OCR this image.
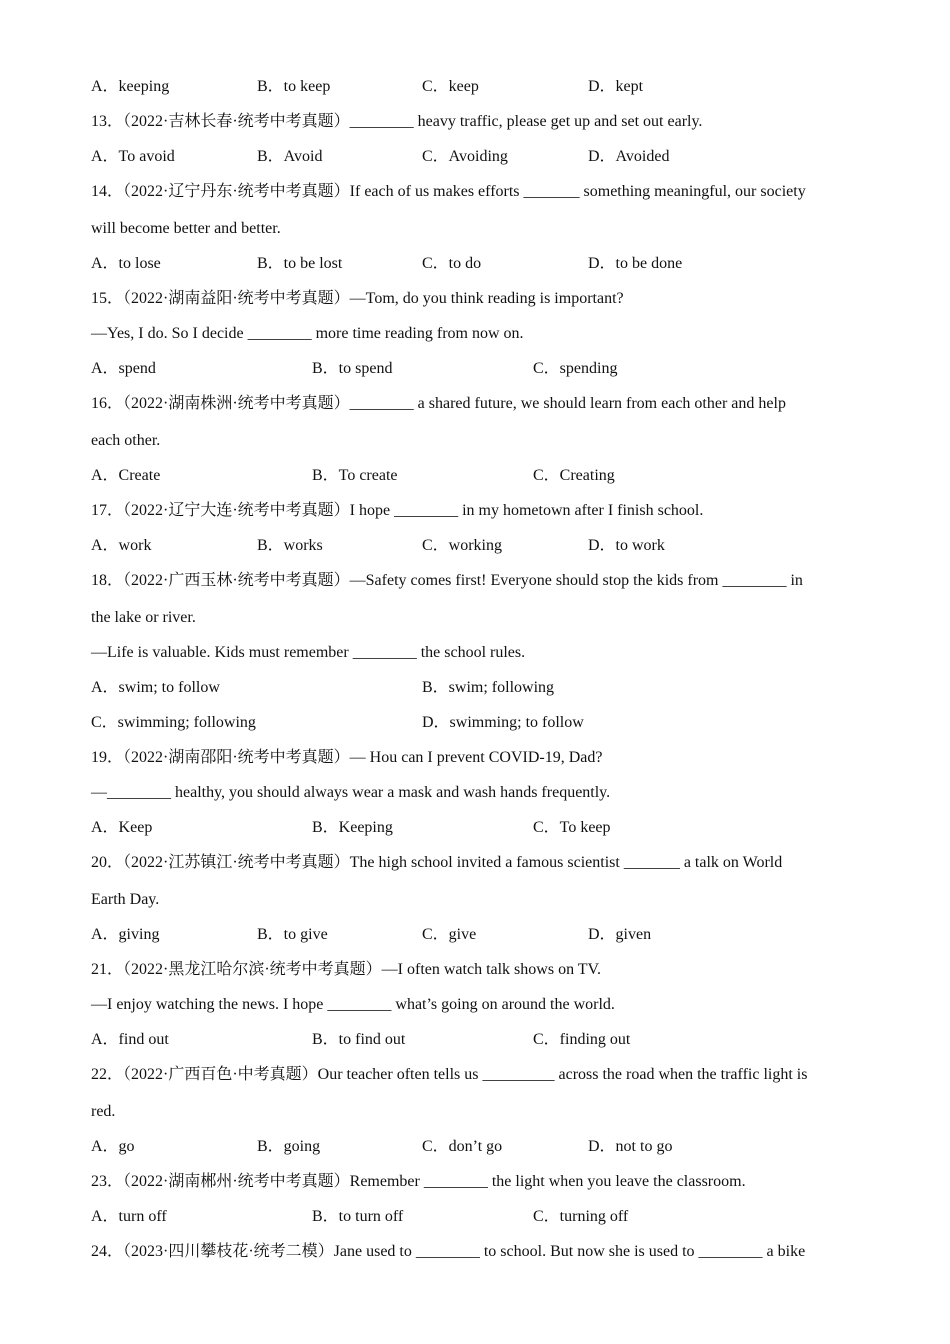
A．keeping	B．to keep	C．keep	D．kept
13．（2022·吉林长春·统考中考真题）________ heavy traffic, please get up and set out early.
A．To avoid	B．Avoid	C．Avoiding	D．Avoided
14．（2022·辽宁丹东·统考中考真题）If each of us makes efforts _______ something meaningful, our society
will become better and better.
A．to lose	B．to be lost	C．to do	D．to be done
15．（2022·湖南益阳·统考中考真题）—Tom, do you think reading is important?
—Yes, I do. So I decide ________ more time reading from now on.
A．spend	B．to spend	C．spending
16．（2022·湖南株洲·统考中考真题）________ a shared future, we should learn from each other and help
each other.
A．Create	B．To create	C．Creating
17．（2022·辽宁大连·统考中考真题）I hope ________ in my hometown after I finish school.
A．work	B．works	C．working	D．to work
18．（2022·广西玉林·统考中考真题）—Safety comes first! Everyone should stop the kids from ________ in
the lake or river.
—Life is valuable. Kids must remember ________ the school rules.
A．swim; to follow	B．swim; following
C．swimming; following	D．swimming; to follow
19．（2022·湖南邵阳·统考中考真题）— Hou can I prevent COVID-19, Dad?
—________ healthy, you should always wear a mask and wash hands frequently.
A．Keep	B．Keeping	C．To keep
20．（2022·江苏镇江·统考中考真题）The high school invited a famous scientist _______ a talk on World
Earth Day.
A．giving	B．to give	C．give	D．given
21．（2022·黑龙江哈尔滨·统考中考真题）—I often watch talk shows on TV.
—I enjoy watching the news. I hope ________ what’s going on around the world.
A．find out	B．to find out	C．finding out
22．（2022·广西百色·中考真题）Our teacher often tells us _________ across the road when the traffic light is
red.
A．go	B．going	C．don’t go	D．not to go
23．（2022·湖南郴州·统考中考真题）Remember ________ the light when you leave the classroom.
A．turn off	B．to turn off	C．turning off
24．（2023·四川攀枝花·统考二模）Jane used to ________ to school. But now she is used to ________ a bike
